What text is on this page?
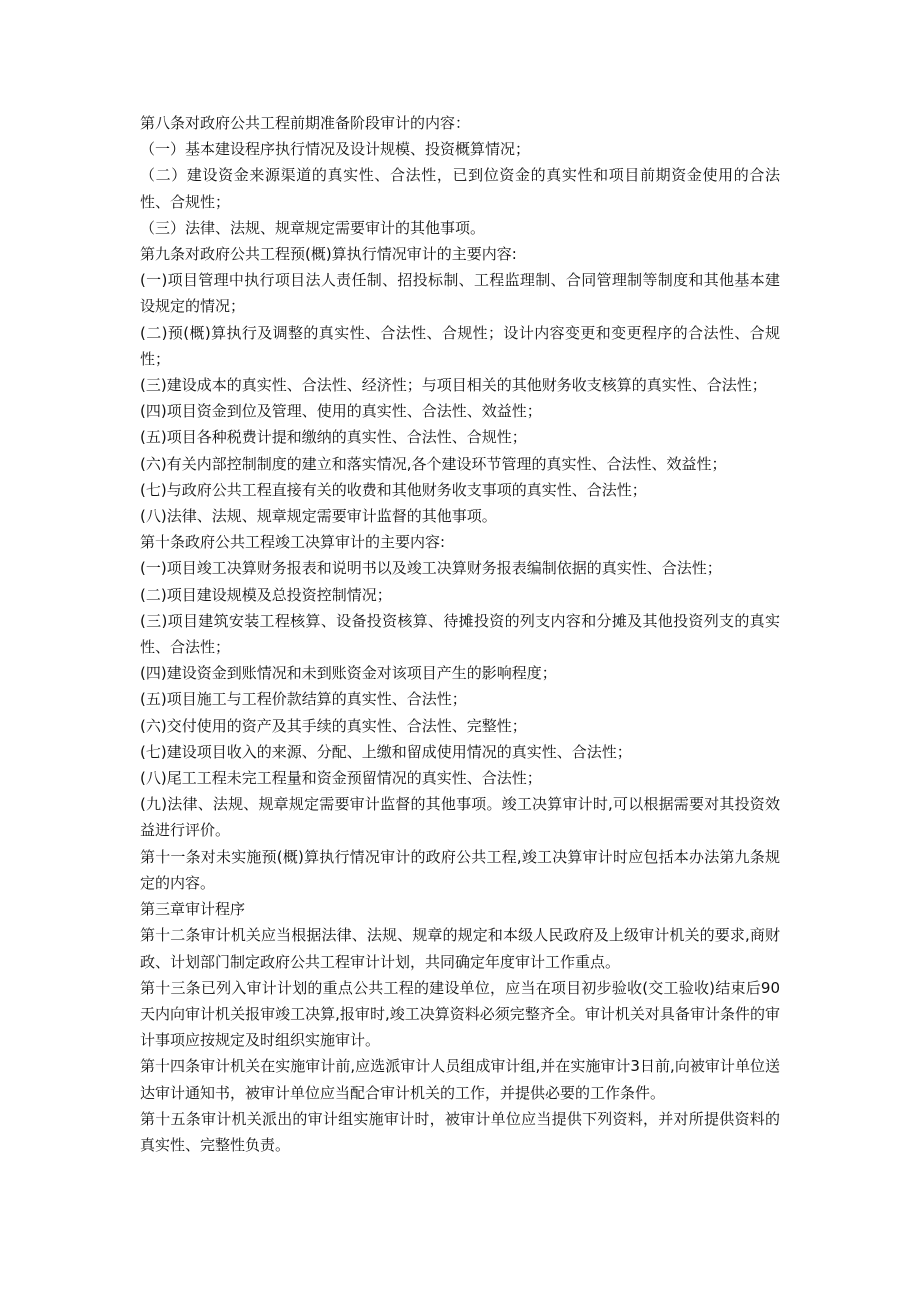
第八条对政府公共工程前期准备阶段审计的内容：

（一）基本建设程序执行情况及设计规模、投资概算情况；

（二）建设资金来源渠道的真实性、合法性，已到位资金的真实性和项目前期资金使用的合法性、合规性；

（三）法律、法规、规章规定需要审计的其他事项。

第九条对政府公共工程预(概)算执行情况审计的主要内容:

(一)项目管理中执行项目法人责任制、招投标制、工程监理制、合同管理制等制度和其他基本建设规定的情况；

(二)预(概)算执行及调整的真实性、合法性、合规性；设计内容变更和变更程序的合法性、合规性；

(三)建设成本的真实性、合法性、经济性；与项目相关的其他财务收支核算的真实性、合法性；

(四)项目资金到位及管理、使用的真实性、合法性、效益性；

(五)项目各种税费计提和缴纳的真实性、合法性、合规性；

(六)有关内部控制制度的建立和落实情况,各个建设环节管理的真实性、合法性、效益性；

(七)与政府公共工程直接有关的收费和其他财务收支事项的真实性、合法性；

(八)法律、法规、规章规定需要审计监督的其他事项。

第十条政府公共工程竣工决算审计的主要内容:

(一)项目竣工决算财务报表和说明书以及竣工决算财务报表编制依据的真实性、合法性；

(二)项目建设规模及总投资控制情况；

(三)项目建筑安装工程核算、设备投资核算、待摊投资的列支内容和分摊及其他投资列支的真实性、合法性；

(四)建设资金到账情况和未到账资金对该项目产生的影响程度；

(五)项目施工与工程价款结算的真实性、合法性；

(六)交付使用的资产及其手续的真实性、合法性、完整性；

(七)建设项目收入的来源、分配、上缴和留成使用情况的真实性、合法性；

(八)尾工工程未完工程量和资金预留情况的真实性、合法性；

(九)法律、法规、规章规定需要审计监督的其他事项。竣工决算审计时,可以根据需要对其投资效益进行评价。

第十一条对未实施预(概)算执行情况审计的政府公共工程,竣工决算审计时应包括本办法第九条规定的内容。

第三章审计程序

第十二条审计机关应当根据法律、法规、规章的规定和本级人民政府及上级审计机关的要求,商财政、计划部门制定政府公共工程审计计划，共同确定年度审计工作重点。

第十三条已列入审计计划的重点公共工程的建设单位，应当在项目初步验收(交工验收)结束后90天内向审计机关报审竣工决算,报审时,竣工决算资料必须完整齐全。审计机关对具备审计条件的审计事项应按规定及时组织实施审计。

第十四条审计机关在实施审计前,应选派审计人员组成审计组,并在实施审计3日前,向被审计单位送达审计通知书，被审计单位应当配合审计机关的工作，并提供必要的工作条件。

第十五条审计机关派出的审计组实施审计时，被审计单位应当提供下列资料，并对所提供资料的真实性、完整性负责。
